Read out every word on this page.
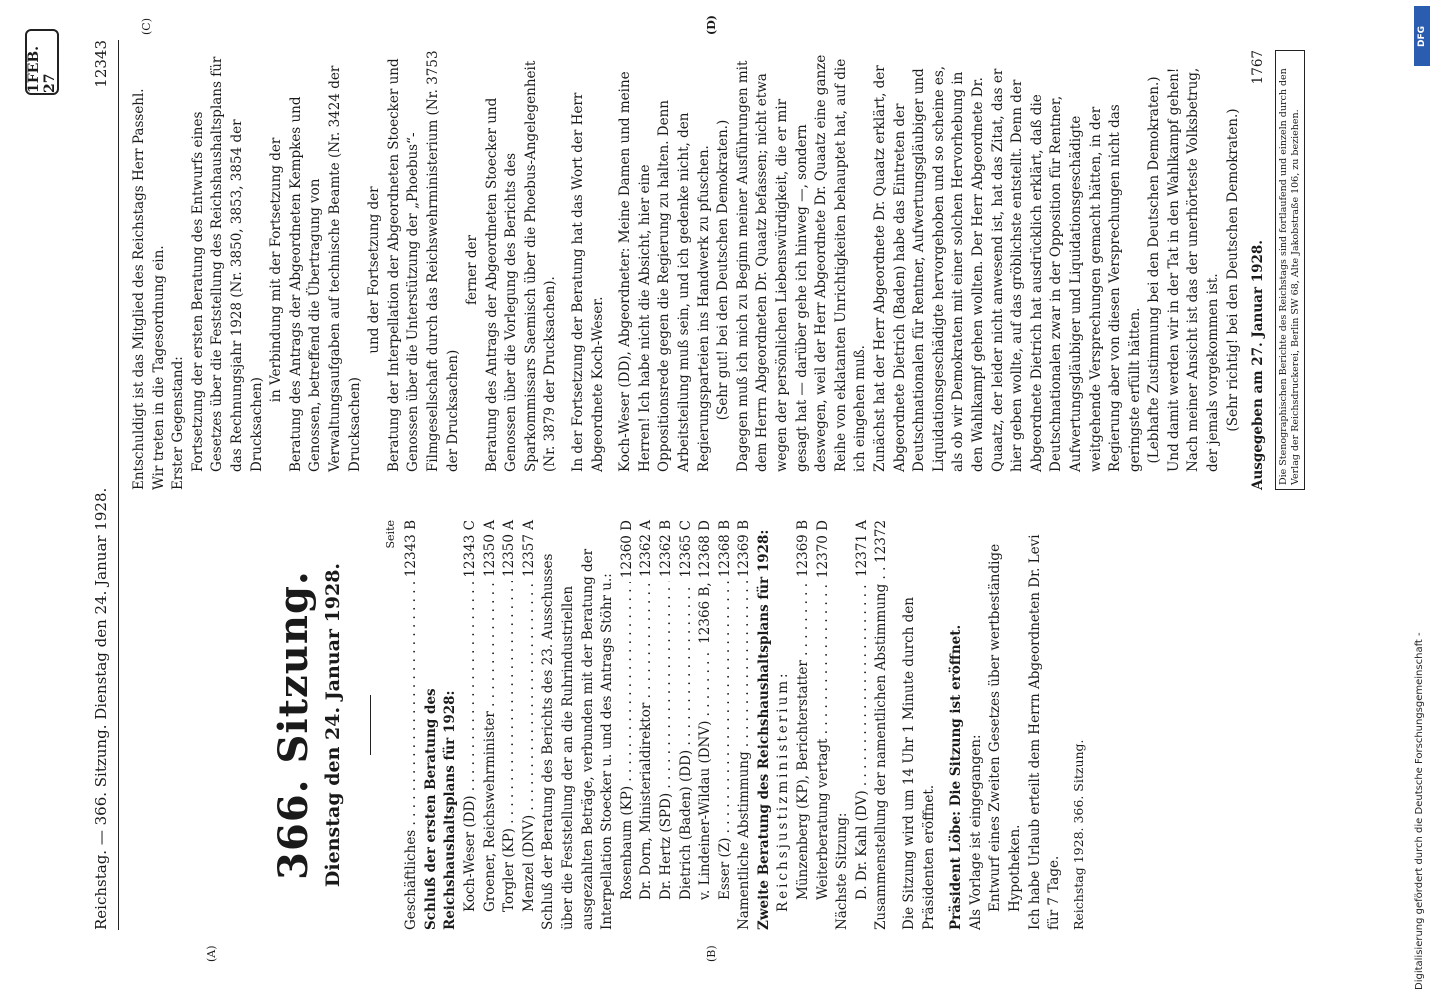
1FEB. 27
Reichstag. — 366. Sitzung. Dienstag den 24. Januar 1928.
12343
(A)	(B)
(C)	(D)

366. Sitzung. Dienstag den 24. Januar 1928.

Seite

Geschäftliches . . .
12343 B
Schluß der ersten Beratung des Reichshaushaltsplans für 1928: Koch-Weser (DD) . . .
12343 C
Groener, Reichswehrminister . . .
12350 A
Torgler (KP) . . .
12350 A
Menzel (DNV) . . .
12357 A
Schluß der Beratung des Berichts des 23. Ausschusses über die Feststellung der an die Ruhrindustriellen ausgezahlten Beträge, verbunden mit der Beratung der Interpellation Stoecker u. und des Antrags Stöhr u.: Rosenbaum (KP) . . .
12360 D
Dr. Dorn, Ministerialdirektor . . .
12362 A
Dr. Hertz (SPD) . . .
12362 B
Dietrich (Baden) (DD) . . .
12365 C
v. Lindeiner-Wildau (DNV) . . .
12366 B, 12368 D
Esser (Z) . . .
12368 B
Namentliche Abstimmung . . .
12369 B Zweite Beratung des Reichshaushaltsplans für 1928: Reichsjustizministerium: Münzenberg (KP), Berichterstatter . . .
12369 B
Weiterberatung vertagt . . .
12370 D
Nächste Sitzung: D. Dr. Kahl (DV) . . .
12371 A
Zusammenstellung der namentlichen Abstimmung . . .
12372

Die Sitzung wird um 14 Uhr 1 Minute durch den Präsidenten eröffnet. Präsident Löbe: Die Sitzung ist eröffnet. Als Vorlage ist eingegangen: Entwurf eines Zweiten Gesetzes über wertbeständige Hypotheken. Ich habe Urlaub erteilt dem Herrn Abgeordneten Dr. Levi für 7 Tage. Reichstag 1928. 366. Sitzung.

Entschuldigt ist das Mitglied des Reichstags Herr Passehl. Wir treten in die Tagesordnung ein. Erster Gegenstand: Fortsetzung der ersten Beratung des Entwurfs eines Gesetzes über die Feststellung des Reichshaushaltsplans für das Rechnungsjahr 1928 (Nr. 3850, 3853, 3854 der Drucksachen)

in Verbindung mit der Fortsetzung der Beratung des Antrags der Abgeordneten Kempkes und Genossen, betreffend die Übertragung von Verwaltungsaufgaben auf technische Beamte (Nr. 3424 der Drucksachen)

und der Fortsetzung der Beratung der Interpellation der Abgeordneten Stoecker und Genossen über die Unterstützung der „Phoebus“-Filmgesellschaft durch das Reichswehrministerium (Nr. 3753 der Drucksachen)

ferner der Beratung des Antrags der Abgeordneten Stoecker und Genossen über die Vorlegung des Berichts des Sparkommissars Saemisch über die Phoebus-Angelegenheit (Nr. 3879 der Drucksachen). In der Fortsetzung der Beratung hat das Wort der Herr Abgeordnete Koch-Weser. Koch-Weser (DD), Abgeordneter: Meine Damen und meine Herren! Ich habe nicht die Absicht, hier eine Oppositionsrede gegen die Regierung zu halten. Denn Arbeitsteilung muß sein, und ich gedenke nicht, den Regierungsparteien ins Handwerk zu pfuschen. (Sehr gut! bei den Deutschen Demokraten.) Dagegen muß ich mich zu Beginn meiner Ausführungen mit dem Herrn Abgeordneten Dr. Quaatz befassen; nicht etwa wegen der persönlichen Liebenswürdigkeit, die er mir gesagt hat — darüber gehe ich hinweg —, sondern deswegen, weil der Herr Abgeordnete Dr. Quaatz eine ganze Reihe von eklatanten Unrichtigkeiten behauptet hat, auf die ich eingehen muß. Zunächst hat der Herr Abgeordnete Dr. Quaatz erklärt, der Abgeordnete Dietrich (Baden) habe das Eintreten der Deutschnationalen für Rentner, Aufwertungsgläubiger und Liquidationsgeschädigte hervorgehoben und so scheine es, als ob wir Demokraten mit einer solchen Hervorhebung in den Wahlkampf gehen wollten. Der Herr Abgeordnete Dr. Quaatz, der leider nicht anwesend ist, hat das Zitat, das er hier geben wollte, auf das gröblichste entstellt. Denn der Abgeordnete Dietrich hat ausdrücklich erklärt, daß die Deutschnationalen zwar in der Opposition für Rentner, Aufwertungsgläubiger und Liquidationsgeschädigte weitgehende Versprechungen gemacht hätten, in der Regierung aber von diesen Versprechungen nicht das geringste erfüllt hätten. (Lebhafte Zustimmung bei den Deutschen Demokraten.) Und damit werden wir in der Tat in den Wahlkampf gehen! Nach meiner Ansicht ist das der unerhörteste Volksbetrug, der jemals vorgekommen ist. (Sehr richtig! bei den Deutschen Demokraten.) Ausgegeben am 27. Januar 1928.
1767
Die Stenographischen Berichte des Reichstags sind fortlaufend und einzeln durch den Verlag der Reichsdruckerei, Berlin SW 68, Alte Jakobstraße 106, zu beziehen.
DFG
Digitalisierung gefördert durch die Deutsche Forschungsgemeinschaft -
